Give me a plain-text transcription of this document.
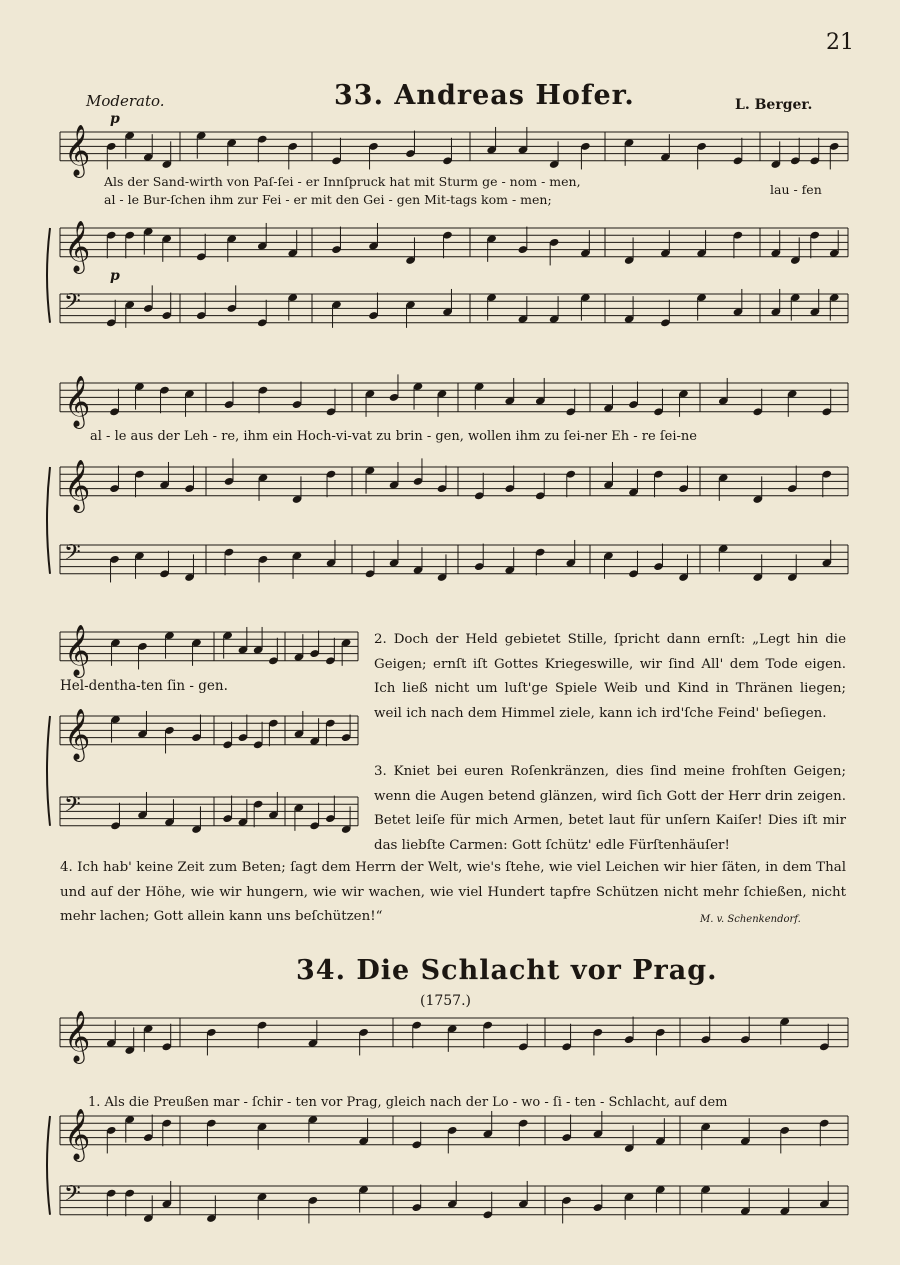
𝄞
𝄞
𝄢
𝄞
𝄞
𝄢
𝄞
𝄞
𝄢
𝄞
𝄞
𝄢
21
Moderato.	33. Andreas Hofer.	L. Berger.
p
p
Als der Sand-wirth von Paſ-ſei - er Innſpruck hat mit Sturm ge - nom - men,
al - le Bur-ſchen ihm zur Fei - er mit den Gei - gen Mit-tags kom - men;
lau - fen
al - le aus der Leh - re, ihm ein Hoch-vi-vat zu brin - gen, wollen ihm zu ſei-ner Eh - re ſei-ne
Hel-dentha-ten ſin - gen.
2. Doch der Held gebietet Stille, ſpricht dann ernſt: „Legt hin die Geigen; ernſt iſt Gottes Kriegeswille, wir ſind All' dem Tode eigen. Ich ließ nicht um luſt'ge Spiele Weib und Kind in Thränen liegen; weil ich nach dem Himmel ziele, kann ich ird'ſche Feind' beſiegen.
3. Kniet bei euren Roſenkränzen, dies ſind meine frohſten Geigen; wenn die Augen betend glänzen, wird ſich Gott der Herr drin zeigen. Betet leiſe für mich Armen, betet laut für unſern Kaiſer! Dies iſt mir das liebſte Carmen: Gott ſchütz' edle Fürſtenhäuſer!
4. Ich hab' keine Zeit zum Beten; ſagt dem Herrn der Welt, wie's ſtehe, wie viel Leichen wir hier ſäten, in dem Thal und auf der Höhe, wie wir hungern, wie wir wachen, wie viel Hundert tapfre Schützen nicht mehr ſchießen, nicht mehr lachen; Gott allein kann uns beſchützen!“	M. v. Schenkendorf.
34. Die Schlacht vor Prag.
(1757.)
1. Als die Preußen mar - ſchir - ten vor Prag, gleich nach der Lo - wo - ſi - ten - Schlacht, auf dem
